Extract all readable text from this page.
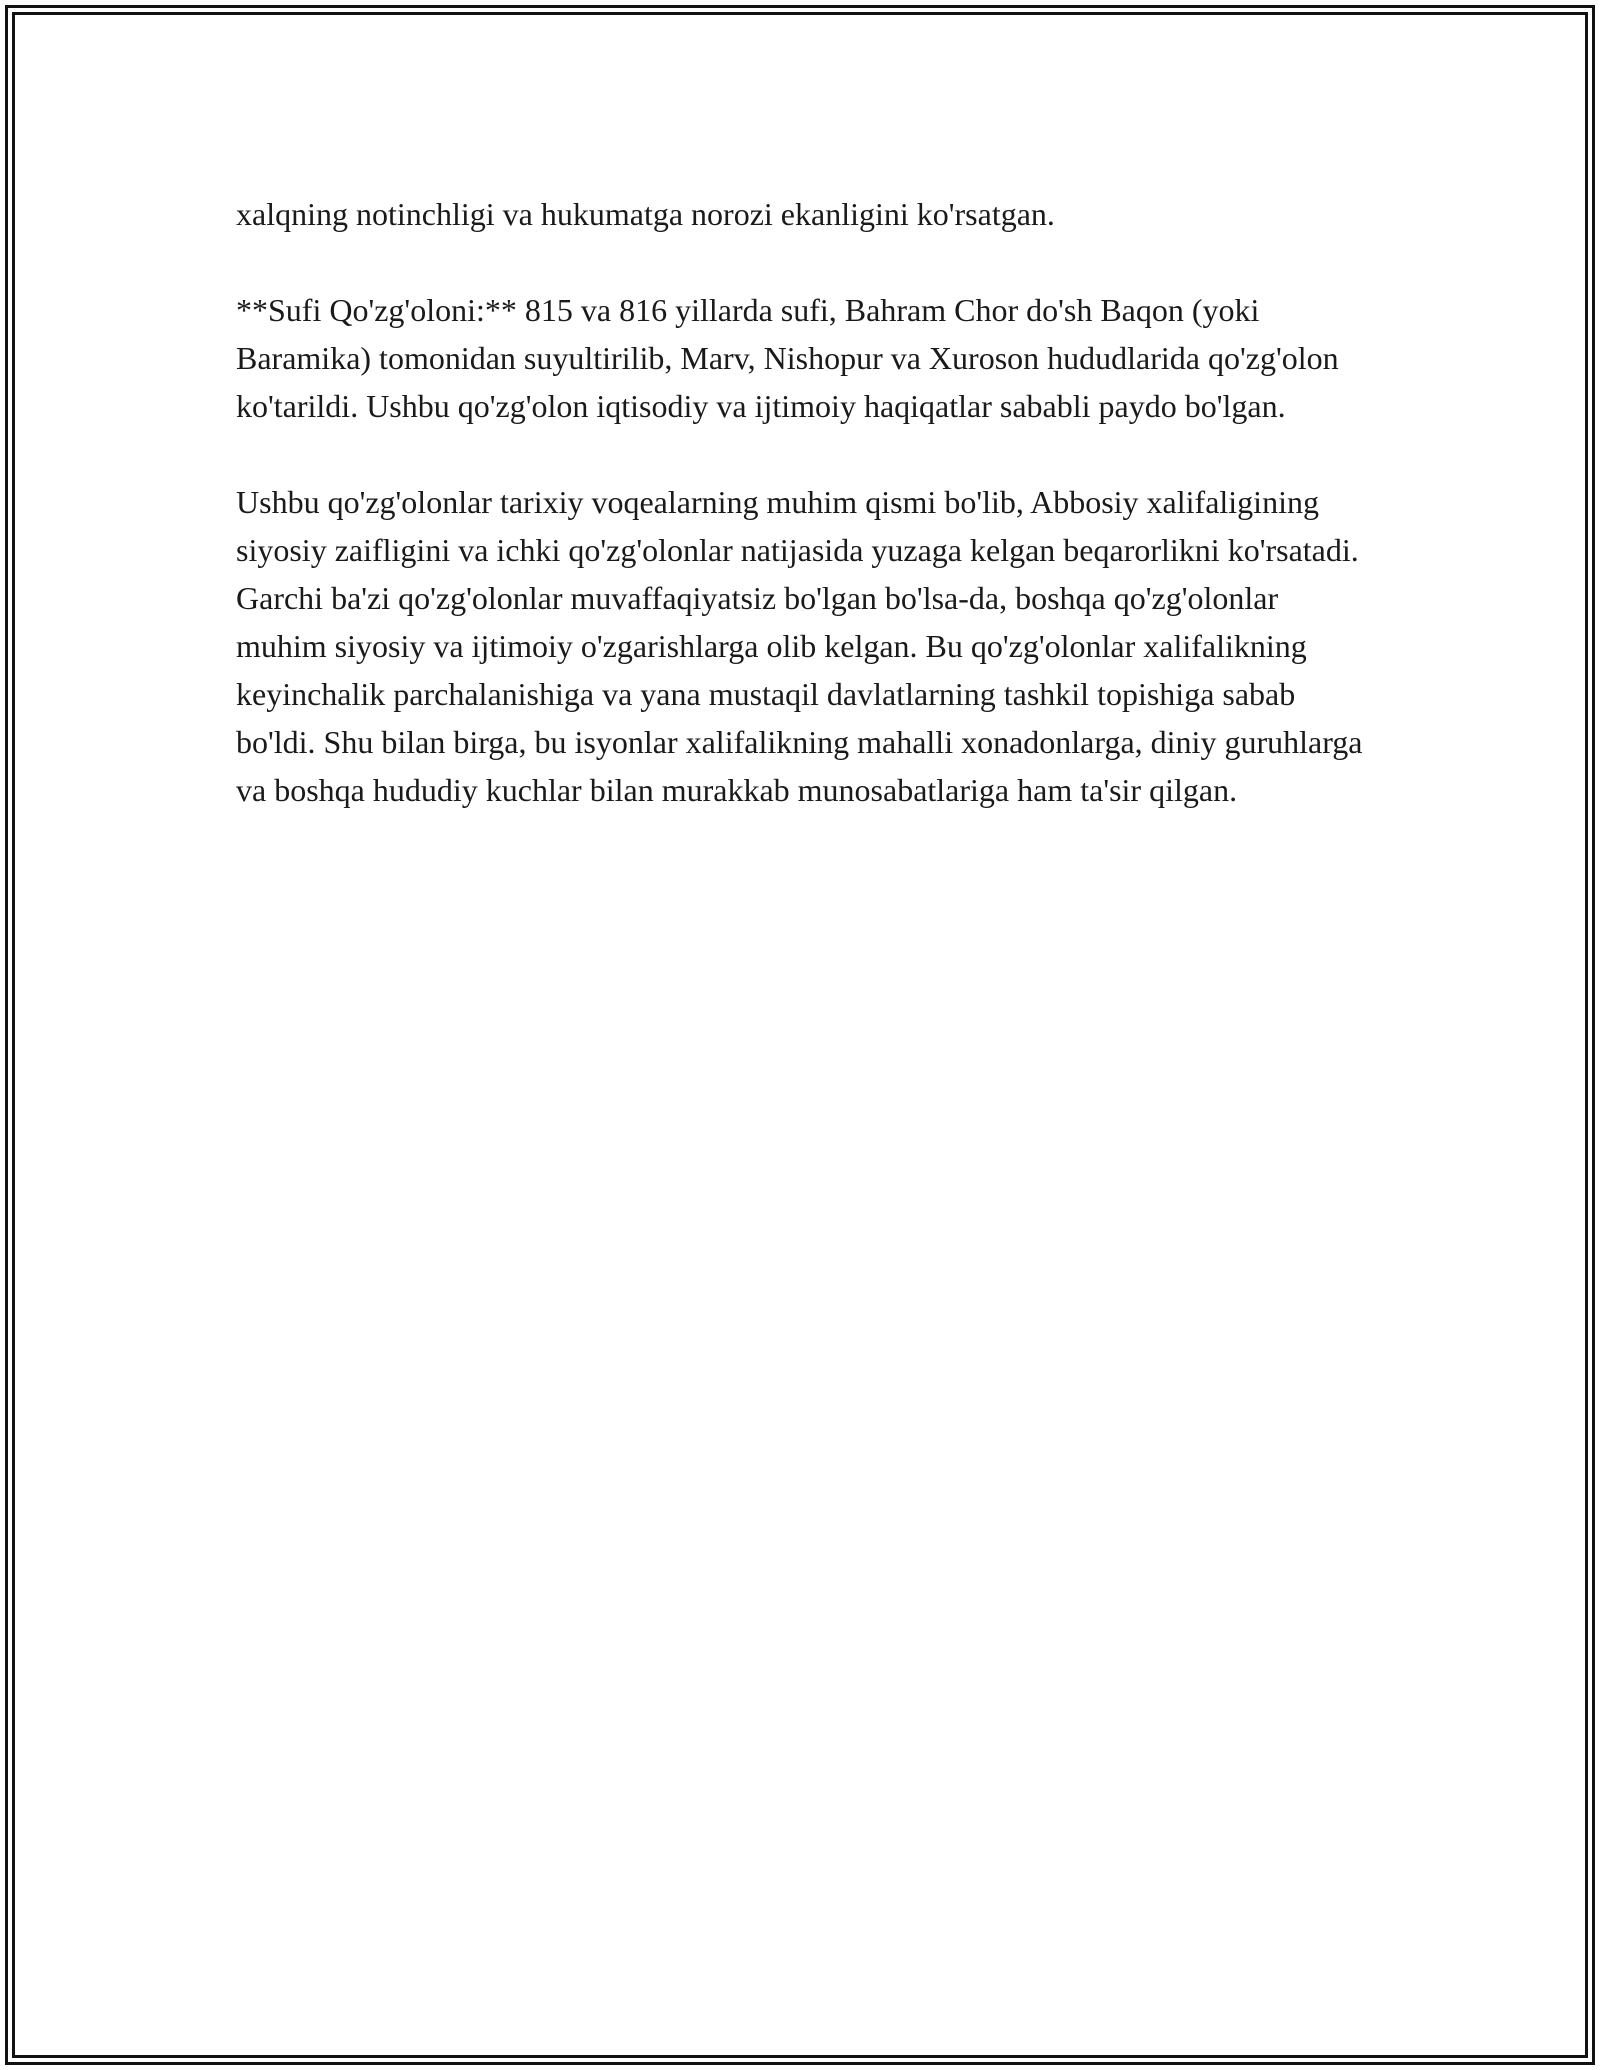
xalqning notinchligi va hukumatga norozi ekanligini ko'rsatgan.

**Sufi Qo'zg'oloni:** 815 va 816 yillarda sufi, Bahram Chor do'sh Baqon (yoki Baramika) tomonidan suyultirilib, Marv, Nishopur va Xuroson hududlarida qo'zg'olon ko'tarildi. Ushbu qo'zg'olon iqtisodiy va ijtimoiy haqiqatlar sababli paydo bo'lgan.

Ushbu qo'zg'olonlar tarixiy voqealarning muhim qismi bo'lib, Abbosiy xalifaligining siyosiy zaifligini va ichki qo'zg'olonlar natijasida yuzaga kelgan beqarorlikni ko'rsatadi. Garchi ba'zi qo'zg'olonlar muvaffaqiyatsiz bo'lgan bo'lsa-da, boshqa qo'zg'olonlar muhim siyosiy va ijtimoiy o'zgarishlarga olib kelgan. Bu qo'zg'olonlar xalifalikning keyinchalik parchalanishiga va yana mustaqil davlatlarning tashkil topishiga sabab bo'ldi. Shu bilan birga, bu isyonlar xalifalikning mahalli xonadonlarga, diniy guruhlarga va boshqa hududiy kuchlar bilan murakkab munosabatlariga ham ta'sir qilgan.
